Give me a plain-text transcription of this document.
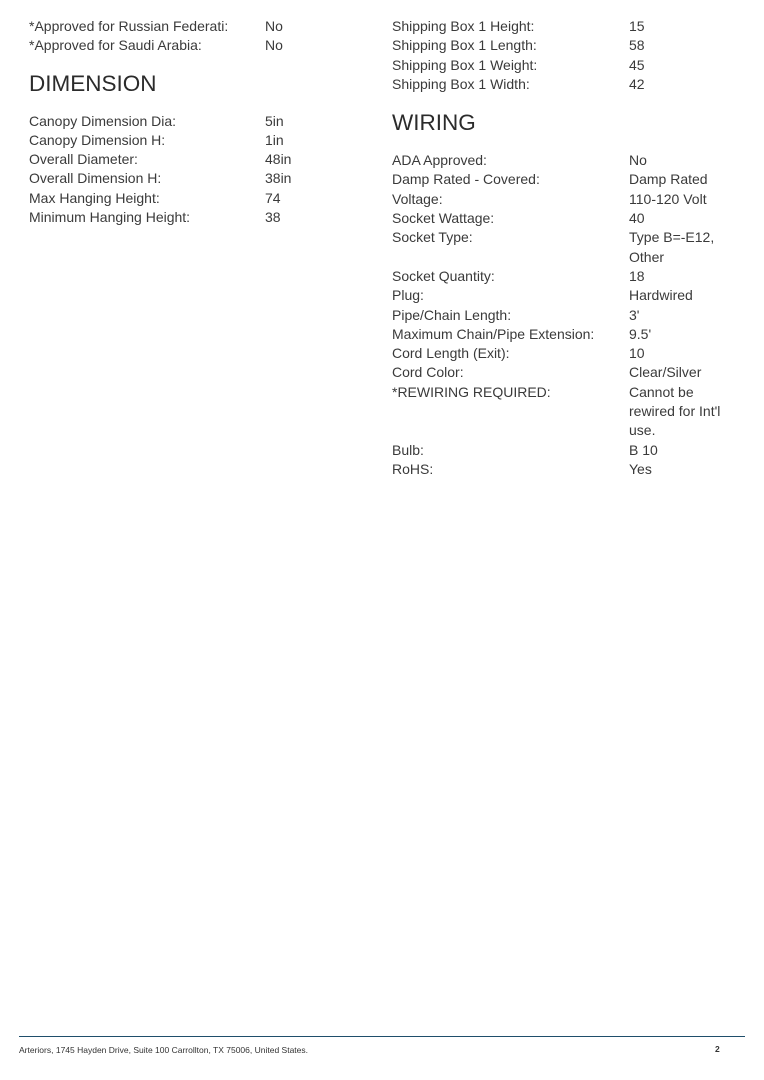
*Approved for Russian Federati:	No
*Approved for Saudi Arabia:	No
DIMENSION
Canopy Dimension Dia:	5in
Canopy Dimension H:	1in
Overall Diameter:	48in
Overall Dimension H:	38in
Max Hanging Height:	74
Minimum Hanging Height:	38
Shipping Box 1 Height:	15
Shipping Box 1 Length:	58
Shipping Box 1 Weight:	45
Shipping Box 1 Width:	42
WIRING
ADA Approved:	No
Damp Rated - Covered:	Damp Rated
Voltage:	110-120 Volt
Socket Wattage:	40
Socket Type:	Type B=-E12, Other
Socket Quantity:	18
Plug:	Hardwired
Pipe/Chain Length:	3'
Maximum Chain/Pipe Extension:	9.5'
Cord Length (Exit):	10
Cord Color:	Clear/Silver
*REWIRING REQUIRED:	Cannot be rewired for Int'l use.
Bulb:	B 10
RoHS:	Yes
Arteriors, 1745 Hayden Drive, Suite 100 Carrollton, TX 75006, United States.	2
